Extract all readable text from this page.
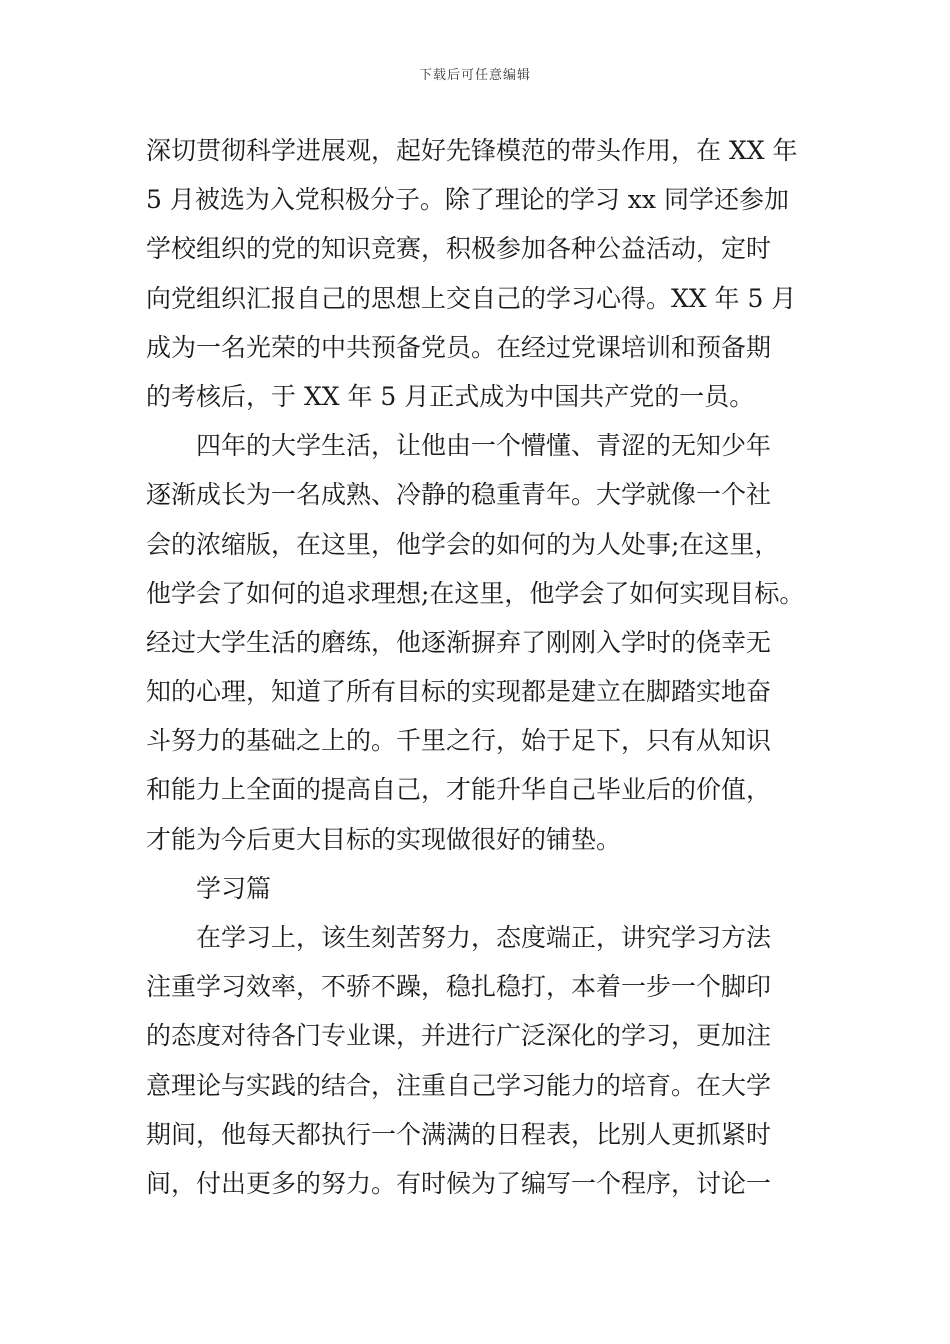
下载后可任意编辑
深切贯彻科学进展观，起好先锋模范的带头作用，在 XX 年
5 月被选为入党积极分子。除了理论的学习 xx 同学还参加
学校组织的党的知识竞赛，积极参加各种公益活动，定时
向党组织汇报自己的思想上交自己的学习心得。XX 年 5 月
成为一名光荣的中共预备党员。在经过党课培训和预备期
的考核后，于 XX 年 5 月正式成为中国共产党的一员。
四年的大学生活，让他由一个懵懂、青涩的无知少年
逐渐成长为一名成熟、冷静的稳重青年。大学就像一个社
会的浓缩版，在这里，他学会的如何的为人处事;在这里，
他学会了如何的追求理想;在这里，他学会了如何实现目标。
经过大学生活的磨练，他逐渐摒弃了刚刚入学时的侥幸无
知的心理，知道了所有目标的实现都是建立在脚踏实地奋
斗努力的基础之上的。千里之行，始于足下，只有从知识
和能力上全面的提高自己，才能升华自己毕业后的价值，
才能为今后更大目标的实现做很好的铺垫。
学习篇
在学习上，该生刻苦努力，态度端正，讲究学习方法
注重学习效率，不骄不躁，稳扎稳打，本着一步一个脚印
的态度对待各门专业课，并进行广泛深化的学习，更加注
意理论与实践的结合，注重自己学习能力的培育。在大学
期间，他每天都执行一个满满的日程表，比别人更抓紧时
间，付出更多的努力。有时候为了编写一个程序，讨论一
